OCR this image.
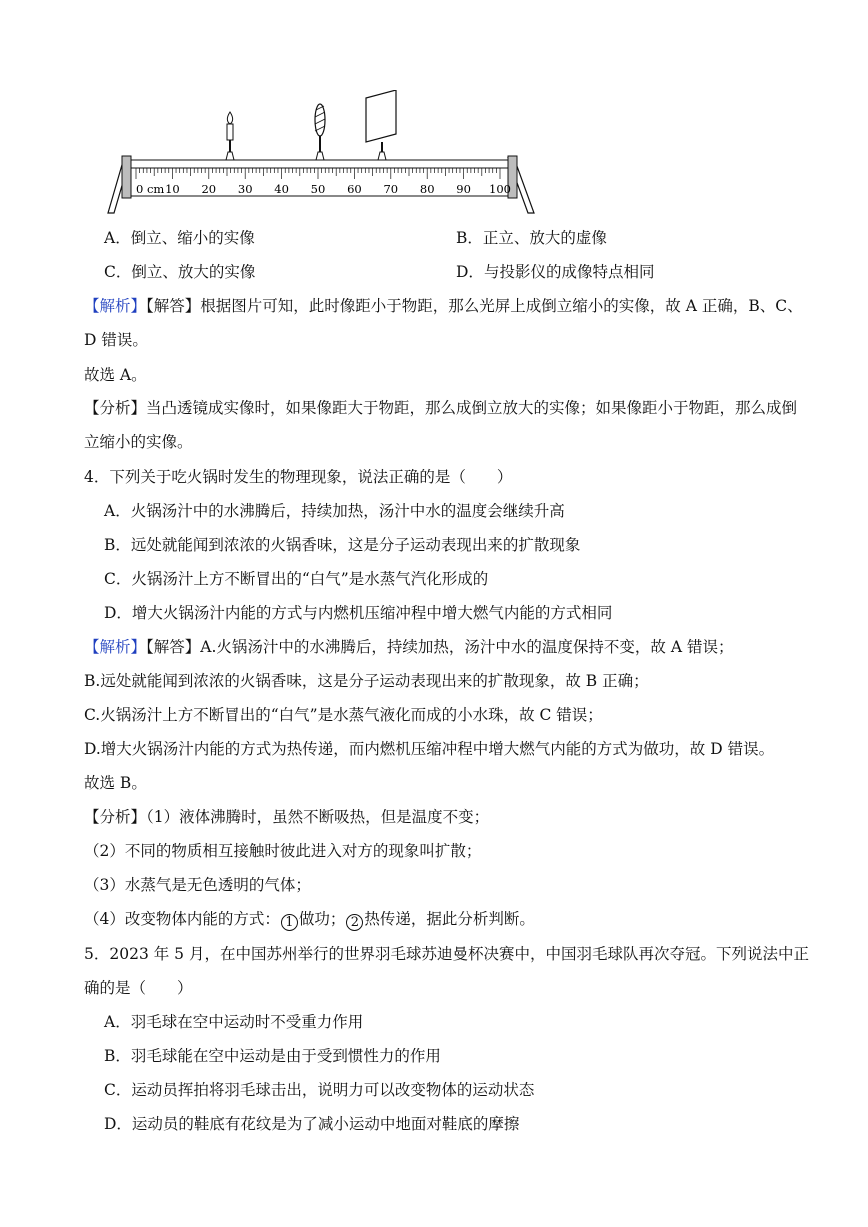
0 cm 10 20 30 40 50 60 70 80 90 100
A．倒立、缩小的实像	B．正立、放大的虚像
C．倒立、放大的实像	D．与投影仪的成像特点相同
【解析】【解答】根据图片可知，此时像距小于物距，那么光屏上成倒立缩小的实像，故 A 正确，B、C、
D 错误。
故选 A。
【分析】当凸透镜成实像时，如果像距大于物距，那么成倒立放大的实像；如果像距小于物距，那么成倒
立缩小的实像。
4．下列关于吃火锅时发生的物理现象，说法正确的是（　　）
A．火锅汤汁中的水沸腾后，持续加热，汤汁中水的温度会继续升高
B．远处就能闻到浓浓的火锅香味，这是分子运动表现出来的扩散现象
C．火锅汤汁上方不断冒出的“白气”是水蒸气汽化形成的
D．增大火锅汤汁内能的方式与内燃机压缩冲程中增大燃气内能的方式相同
【解析】【解答】A.火锅汤汁中的水沸腾后，持续加热，汤汁中水的温度保持不变，故 A 错误；
B.远处就能闻到浓浓的火锅香味，这是分子运动表现出来的扩散现象，故 B 正确；
C.火锅汤汁上方不断冒出的“白气”是水蒸气液化而成的小水珠，故 C 错误；
D.增大火锅汤汁内能的方式为热传递，而内燃机压缩冲程中增大燃气内能的方式为做功，故 D 错误。
故选 B。
【分析】（1）液体沸腾时，虽然不断吸热，但是温度不变；
（2）不同的物质相互接触时彼此进入对方的现象叫扩散；
（3）水蒸气是无色透明的气体；
（4）改变物体内能的方式： 1 做功； 2 热传递，据此分析判断。
5．2023 年 5 月，在中国苏州举行的世界羽毛球苏迪曼杯决赛中，中国羽毛球队再次夺冠。下列说法中正
确的是（　　）
A．羽毛球在空中运动时不受重力作用
B．羽毛球能在空中运动是由于受到惯性力的作用
C．运动员挥拍将羽毛球击出，说明力可以改变物体的运动状态
D．运动员的鞋底有花纹是为了减小运动中地面对鞋底的摩擦
